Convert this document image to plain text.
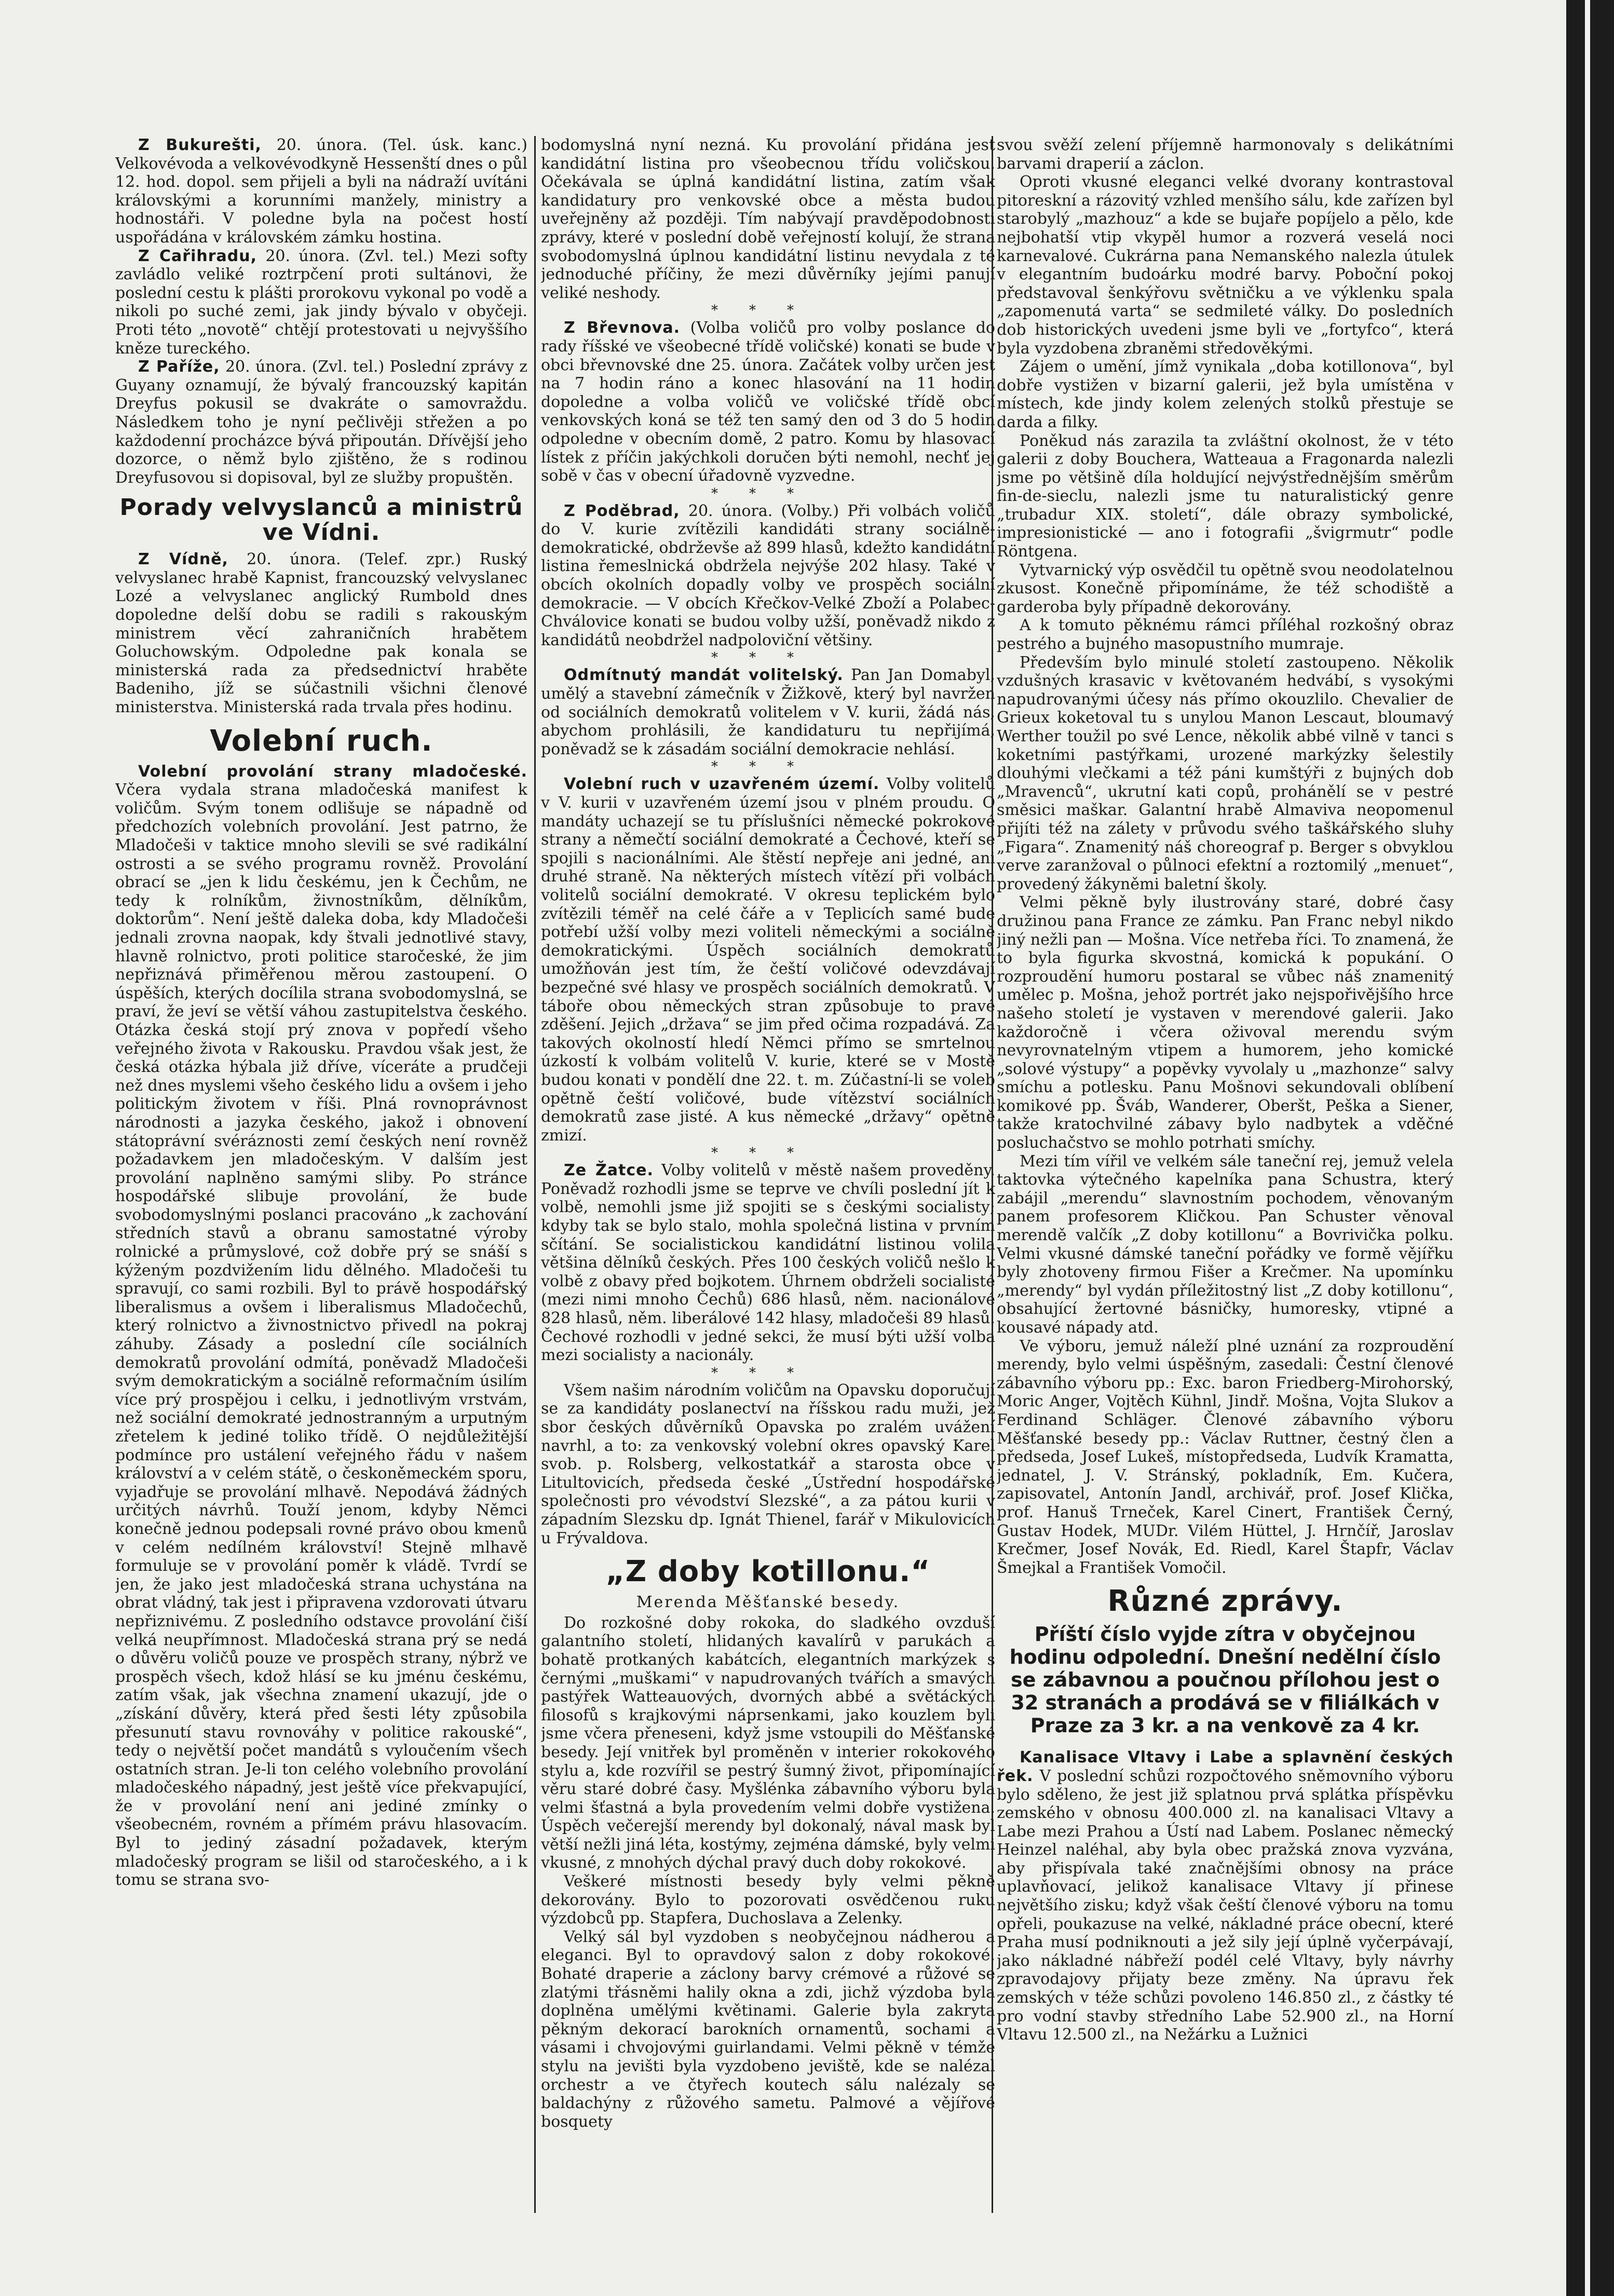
Z Bukurešti, 20. února. (Tel. úsk. kanc.) Velkovévoda a velkovévodkyně Hessenští dnes o půl 12. hod. dopol. sem přijeli a byli na nádraží uvítáni královskými a korunními manžely, ministry a hodnostáři. V poledne byla na počest hostí uspořádána v královském zámku hostina.

Z Cařihradu, 20. února. (Zvl. tel.) Mezi softy zavládlo veliké roztrpčení proti sultánovi, že poslední cestu k plášti prorokovu vykonal po vodě a nikoli po suché zemi, jak jindy bývalo v obyčeji. Proti této „novotě“ chtějí protestovati u nejvyššího kněze tureckého.

Z Paříže, 20. února. (Zvl. tel.) Poslední zprávy z Guyany oznamují, že bývalý francouzský kapitán Dreyfus pokusil se dvakráte o samovraždu. Následkem toho je nyní pečlivěji střežen a po každodenní procházce bývá připoután. Dřívější jeho dozorce, o němž bylo zjištěno, že s rodinou Dreyfusovou si dopisoval, byl ze služby propuštěn.

Porady velvyslanců a ministrů ve Vídni.

Z Vídně, 20. února. (Telef. zpr.) Ruský velvyslanec hrabě Kapnist, francouzský velvyslanec Lozé a velvyslanec anglický Rumbold dnes dopoledne delší dobu se radili s rakouským ministrem věcí zahraničních hrabětem Goluchowským. Odpoledne pak konala se ministerská rada za předsednictví hraběte Badeniho, jíž se súčastnili všichni členové ministerstva. Ministerská rada trvala přes hodinu.

Volební ruch.

Volební provolání strany mladočeské. Včera vydala strana mladočeská manifest k voličům. Svým tonem odlišuje se nápadně od předchozích volebních provolání. Jest patrno, že Mladočeši v taktice mnoho slevili se své radikální ostrosti a se svého programu rovněž. Provolání obrací se „jen k lidu českému, jen k Čechům, ne tedy k rolníkům, živnostníkům, dělníkům, doktorům“. Není ještě daleka doba, kdy Mladočeši jednali zrovna naopak, kdy štvali jednotlivé stavy, hlavně rolnictvo, proti politice staročeské, že jim nepřiznává přiměřenou měrou zastoupení. O úspěších, kterých docílila strana svobodomyslná, se praví, že jeví se větší váhou zastupitelstva českého. Otázka česká stojí prý znova v popředí všeho veřejného života v Rakousku. Pravdou však jest, že česká otázka hýbala již dříve, víceráte a prudčeji než dnes myslemi všeho českého lidu a ovšem i jeho politickým životem v říši. Plná rovnoprávnost národnosti a jazyka českého, jakož i obnovení státoprávní svéráznosti zemí českých není rovněž požadavkem jen mladočeským. V dalším jest provolání naplněno samými sliby. Po stránce hospodářské slibuje provolání, že bude svobodomyslnými poslanci pracováno „k zachování středních stavů a obranu samostatné výroby rolnické a průmyslové, což dobře prý se snáší s kýženým pozdvižením lidu dělného. Mladočeši tu spravují, co sami rozbili. Byl to právě hospodářský liberalismus a ovšem i liberalismus Mladočechů, který rolnictvo a živnostnictvo přivedl na pokraj záhuby. Zásady a poslední cíle sociálních demokratů provolání odmítá, poněvadž Mladočeši svým demokratickým a sociálně reformačním úsilím více prý prospějou i celku, i jednotlivým vrstvám, než sociální demokraté jednostranným a urputným zřetelem k jediné toliko třídě. O nejdůležitější podmínce pro ustálení veřejného řádu v našem království a v celém státě, o českoněmeckém sporu, vyjadřuje se provolání mlhavě. Nepodává žádných určitých návrhů. Touží jenom, kdyby Němci konečně jednou podepsali rovné právo obou kmenů v celém nedílném království! Stejně mlhavě formuluje se v provolání poměr k vládě. Tvrdí se jen, že jako jest mladočeská strana uchystána na obrat vládný, tak jest i připravena vzdorovati útvaru nepřiznivému. Z posledního odstavce provolání čiší velká neupřímnost. Mladočeská strana prý se nedá o důvěru voličů pouze ve prospěch strany, nýbrž ve prospěch všech, kdož hlásí se ku jménu českému, zatím však, jak všechna znamení ukazují, jde o „získání důvěry, která před šesti léty způsobila přesunutí stavu rovnováhy v politice rakouské“, tedy o největší počet mandátů s vyloučením všech ostatních stran. Je-li ton celého volebního provolání mladočeského nápadný, jest ještě více překvapující, že v provolání není ani jediné zmínky o všeobecném, rovném a přímém právu hlasovacím. Byl to jediný zásadní požadavek, kterým mladočeský program se lišil od staročeského, a i k tomu se strana svo-

bodomyslná nyní nezná. Ku provolání přidána jest kandidátní listina pro všeobecnou třídu voličskou. Očekávala se úplná kandidátní listina, zatím však kandidatury pro venkovské obce a města budou uveřejněny až později. Tím nabývají pravděpodobnosti zprávy, které v poslední době veřejností kolují, že strana svobodomyslná úplnou kandidátní listinu nevydala z té jednoduché příčiny, že mezi důvěrníky jejími panují veliké neshody.

***

Z Břevnova. (Volba voličů pro volby poslance do rady říšské ve všeobecné třídě voličské) konati se bude v obci břevnovské dne 25. února. Začátek volby určen jest na 7 hodin ráno a konec hlasování na 11 hodin dopoledne a volba voličů ve voličské třídě obcí venkovských koná se též ten samý den od 3 do 5 hodin odpoledne v obecním domě, 2 patro. Komu by hlasovací lístek z příčin jakýchkoli doručen býti nemohl, nechť jej sobě v čas v obecní úřadovně vyzvedne.

***

Z Poděbrad, 20. února. (Volby.) Při volbách voličů do V. kurie zvítězili kandidáti strany sociálně-demokratické, obdrževše až 899 hlasů, kdežto kandidátní listina řemeslnická obdržela nejvýše 202 hlasy. Také v obcích okolních dopadly volby ve prospěch sociální demokracie. — V obcích Křečkov-Velké Zboží a Polabec-Chválovice konati se budou volby užší, poněvadž nikdo z kandidátů neobdržel nadpoloviční většiny.

***

Odmítnutý mandát volitelský. Pan Jan Domabyl, umělý a stavební zámečník v Žižkově, který byl navržen od sociálních demokratů volitelem v V. kurii, žádá nás, abychom prohlásili, že kandidaturu tu nepřijímá, poněvadž se k zásadám sociální demokracie nehlásí.

***

Volební ruch v uzavřeném území. Volby volitelů v V. kurii v uzavřeném území jsou v plném proudu. O mandáty uchazejí se tu příslušníci německé pokrokové strany a němečtí sociální demokraté a Čechové, kteří se spojili s nacionálními. Ale štěstí nepřeje ani jedné, ani druhé straně. Na některých místech vítězí při volbách volitelů sociální demokraté. V okresu teplickém bylo zvítězili téměř na celé čáře a v Teplicích samé bude potřebí užší volby mezi voliteli německými a sociálně demokratickými. Úspěch sociálních demokratů umožňován jest tím, že čeští voličové odevzdávají bezpečné své hlasy ve prospěch sociálních demokratů. V táboře obou německých stran způsobuje to pravé zděšení. Jejich „država“ se jim před očima rozpadává. Za takových okolností hledí Němci přímo se smrtelnou úzkostí k volbám volitelů V. kurie, které se v Mostě budou konati v pondělí dne 22. t. m. Zúčastní-li se voleb opětně čeští voličové, bude vítězství sociálních demokratů zase jisté. A kus německé „državy“ opětně zmizí.

***

Ze Žatce. Volby volitelů v městě našem proveděny. Poněvadž rozhodli jsme se teprve ve chvíli poslední jít k volbě, nemohli jsme již spojiti se s českými socialisty; kdyby tak se bylo stalo, mohla společná listina v prvním sčítání. Se socialistickou kandidátní listinou volila většina dělníků českých. Přes 100 českých voličů nešlo k volbě z obavy před bojkotem. Úhrnem obdrželi socialisté (mezi nimi mnoho Čechů) 686 hlasů, něm. nacionálové 828 hlasů, něm. liberálové 142 hlasy, mladočeši 89 hlasů. Čechové rozhodli v jedné sekci, že musí býti užší volba mezi socialisty a nacionály.

***

Všem našim národním voličům na Opavsku doporučují se za kandidáty poslanectví na říšskou radu muži, jež sbor českých důvěrníků Opavska po zralém uvážení navrhl, a to: za venkovský volební okres opavský Karel svob. p. Rolsberg, velkostatkář a starosta obce v Litultovicích, předseda české „Ústřední hospodářské společnosti pro vévodství Slezské“, a za pátou kurii v západním Slezsku dp. Ignát Thienel, farář v Mikulovicích u Frývaldova.

„Z doby kotillonu.“
Merenda Měšťanské besedy.

Do rozkošné doby rokoka, do sladkého ovzduší galantního století, hlidaných kavalírů v parukách a bohatě protkaných kabátcích, elegantních markýzek s černými „muškami“ v napudrovaných tvářích a smavých pastýřek Watteauových, dvorných abbé a světáckých filosofů s krajkovými náprsenkami, jako kouzlem byli jsme včera přeneseni, když jsme vstoupili do Měšťanské besedy. Její vnitřek byl proměněn v interier rokokového stylu a, kde rozvířil se pestrý šumný život, připomínající věru staré dobré časy. Myšlénka zábavního výboru byla velmi šťastná a byla provedením velmi dobře vystižena. Úspěch večerejší merendy byl dokonalý, nával mask byl větší nežli jiná léta, kostýmy, zejména dámské, byly velmi vkusné, z mnohých dýchal pravý duch doby rokokové.

Veškeré místnosti besedy byly velmi pěkně dekorovány. Bylo to pozorovati osvědčenou ruku výzdobců pp. Stapfera, Duchoslava a Zelenky.

Velký sál byl vyzdoben s neobyčejnou nádherou a eleganci. Byl to opravdový salon z doby rokokové. Bohaté draperie a záclony barvy crémové a růžové se zlatými třásněmi halily okna a zdi, jichž výzdoba byla doplněna umělými květinami. Galerie byla zakryta pěkným dekorací barokních ornamentů, sochami a vásami i chvojovými guirlandami. Velmi pěkně v témže stylu na jevišti byla vyzdobeno jeviště, kde se nalézal orchestr a ve čtyřech koutech sálu nalézaly se baldachýny z růžového sametu. Palmové a vějířové bosquety

svou svěží zelení příjemně harmonovaly s delikátními barvami draperií a záclon.

Oproti vkusné eleganci velké dvorany kontrastoval pitoreskní a rázovitý vzhled menšího sálu, kde zařízen byl starobylý „mazhouz“ a kde se bujaře popíjelo a pělo, kde nejbohatší vtip vkypěl humor a rozverá veselá noci karnevalové. Cukrárna pana Nemanského nalezla útulek v elegantním budoárku modré barvy. Poboční pokoj představoval šenkýřovu světničku a ve výklenku spala „zapomenutá varta“ se sedmileté války. Do posledních dob historických uvedeni jsme byli ve „fortyfco“, která byla vyzdobena zbraněmi středověkými.

Zájem o umění, jímž vynikala „doba kotillonova“, byl dobře vystižen v bizarní galerii, jež byla umístěna v místech, kde jindy kolem zelených stolků přestuje se darda a filky.

Poněkud nás zarazila ta zvláštní okolnost, že v této galerii z doby Bouchera, Watteaua a Fragonarda nalezli jsme po většině díla holdující nejvýstřednějším směrům fin-de-sieclu, nalezli jsme tu naturalistický genre „trubadur XIX. století“, dále obrazy symbolické, impresionistické — ano i fotografii „švigrmutr“ podle Röntgena.

Vytvarnický výp osvědčil tu opětně svou neodolatelnou zkusost. Konečně připomínáme, že též schodiště a garderoba byly případně dekorovány.

A k tomuto pěknému rámci příléhal rozkošný obraz pestrého a bujného masopustního mumraje.

Především bylo minulé století zastoupeno. Několik vzdušných krasavic v květovaném hedvábí, s vysokými napudrovanými účesy nás přímo okouzlilo. Chevalier de Grieux koketoval tu s unylou Manon Lescaut, bloumavý Werther toužil po své Lence, několik abbé vilně v tanci s koketními pastýřkami, urozené markýzky šelestily dlouhými vlečkami a též páni kumštýři z bujných dob „Mravenců“, ukrutní kati copů, prohánělí se v pestré směsici maškar. Galantní hrabě Almaviva neopomenul přijíti též na zálety v průvodu svého taškářského sluhy „Figara“. Znamenitý náš choreograf p. Berger s obvyklou verve zaranžoval o půlnoci efektní a roztomilý „menuet“, provedený žákyněmi baletní školy.

Velmi pěkně byly ilustrovány staré, dobré časy družinou pana France ze zámku. Pan Franc nebyl nikdo jiný nežli pan — Mošna. Více netřeba říci. To znamená, že to byla figurka skvostná, komická k popukání. O rozproudění humoru postaral se vůbec náš znamenitý umělec p. Mošna, jehož portrét jako nejspořivějšího hrce našeho století je vystaven v merendové galerii. Jako každoročně i včera oživoval merendu svým nevyrovnatelným vtipem a humorem, jeho komické „solové výstupy“ a popěvky vyvolaly u „mazhonze“ salvy smíchu a potlesku. Panu Mošnovi sekundovali oblíbení komikové pp. Šváb, Wanderer, Oberšt, Peška a Siener, takže kratochvilné zábavy bylo nadbytek a vděčné posluchačstvo se mohlo potrhati smíchy.

Mezi tím vířil ve velkém sále taneční rej, jemuž velela taktovka výtečného kapelníka pana Schustra, který zabájil „merendu“ slavnostním pochodem, věnovaným panem profesorem Kličkou. Pan Schuster věnoval merendě valčík „Z doby kotillonu“ a Bovrivička polku. Velmi vkusné dámské taneční pořádky ve formě vějířku byly zhotoveny firmou Fišer a Krečmer. Na upomínku „merendy“ byl vydán příležitostný list „Z doby kotillonu“, obsahující žertovné básničky, humoresky, vtipné a kousavé nápady atd.

Ve výboru, jemuž náleží plné uznání za rozproudění merendy, bylo velmi úspěšným, zasedali: Čestní členové zábavního výboru pp.: Exc. baron Friedberg-Mirohorský, Moric Anger, Vojtěch Kühnl, Jindř. Mošna, Vojta Slukov a Ferdinand Schläger. Členové zábavního výboru Měšťanské besedy pp.: Václav Ruttner, čestný člen a předseda, Josef Lukeš, místopředseda, Ludvík Kramatta, jednatel, J. V. Stránský, pokladník, Em. Kučera, zapisovatel, Antonín Jandl, archivář, prof. Josef Klička, prof. Hanuš Trneček, Karel Cinert, František Černý, Gustav Hodek, MUDr. Vilém Hüttel, J. Hrnčíř, Jaroslav Krečmer, Josef Novák, Ed. Riedl, Karel Štapfr, Václav Šmejkal a František Vomočil.

Různé zprávy.
Příští číslo vyjde zítra v obyčejnou hodinu odpolední. Dnešní nedělní číslo se zábavnou a poučnou přílohou jest o 32 stranách a prodává se v filiálkách v Praze za 3 kr. a na venkově za 4 kr.

Kanalisace Vltavy i Labe a splavnění českých řek. V poslední schůzi rozpočtového sněmovního výboru bylo sděleno, že jest již splatnou prvá splátka příspěvku zemského v obnosu 400.000 zl. na kanalisaci Vltavy a Labe mezi Prahou a Ústí nad Labem. Poslanec německý Heinzel naléhal, aby byla obec pražská znova vyzvána, aby přispívala také značnějšími obnosy na práce uplavňovací, jelikož kanalisace Vltavy jí přinese největšího zisku; když však čeští členové výboru na tomu opřeli, poukazuse na velké, nákladné práce obecní, které Praha musí podniknouti a jež sily její úplně vyčerpávají, jako nákladné nábřeží podél celé Vltavy, byly návrhy zpravodajovy přijaty beze změny. Na úpravu řek zemských v téže schůzi povoleno 146.850 zl., z částky té pro vodní stavby středního Labe 52.900 zl., na Horní Vltavu 12.500 zl., na Nežárku a Lužnici
